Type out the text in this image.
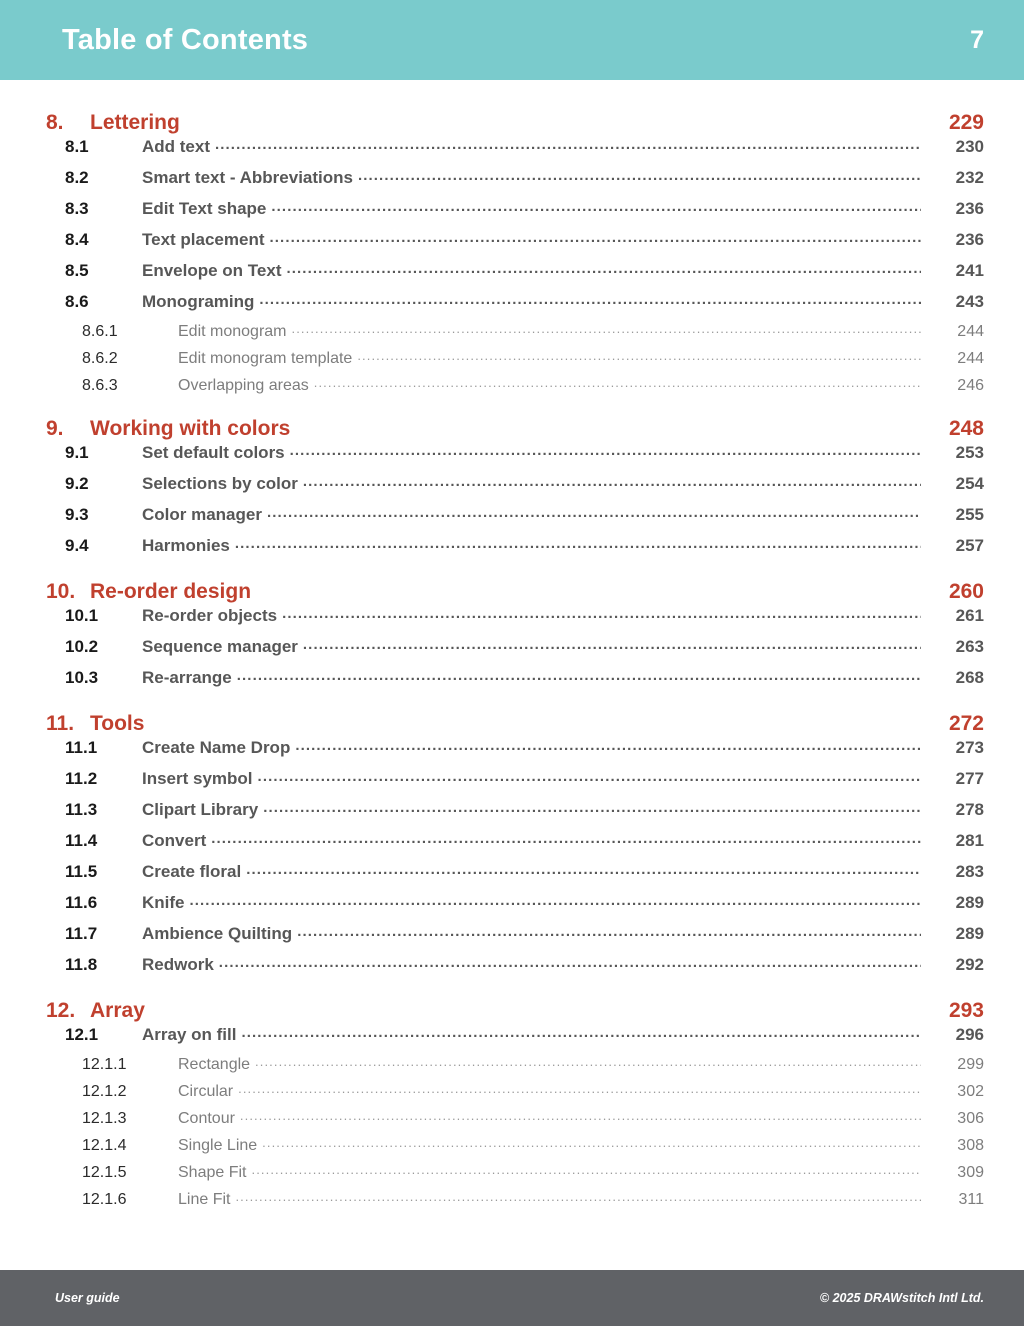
Table of Contents	7
8.	Lettering	229
8.1	Add text .....	230
8.2	Smart text - Abbreviations .....	232
8.3	Edit Text shape .....	236
8.4	Text placement .....	236
8.5	Envelope on Text .....	241
8.6	Monograming .....	243
8.6.1	Edit monogram .....	244
8.6.2	Edit monogram template .....	244
8.6.3	Overlapping areas .....	246
9.	Working with colors	248
9.1	Set default colors .....	253
9.2	Selections by color .....	254
9.3	Color manager .....	255
9.4	Harmonies .....	257
10. Re-order design	260
10.1	Re-order objects .....	261
10.2	Sequence manager .....	263
10.3	Re-arrange .....	268
11. Tools	272
11.1	Create Name Drop .....	273
11.2	Insert symbol .....	277
11.3	Clipart Library .....	278
11.4	Convert .....	281
11.5	Create floral .....	283
11.6	Knife .....	289
11.7	Ambience Quilting .....	289
11.8	Redwork .....	292
12. Array	293
12.1	Array on fill .....	296
12.1.1	Rectangle .....	299
12.1.2	Circular .....	302
12.1.3	Contour .....	306
12.1.4	Single Line .....	308
12.1.5	Shape Fit .....	309
12.1.6	Line Fit .....	311
User guide	© 2025 DRAWstitch Intl Ltd.
